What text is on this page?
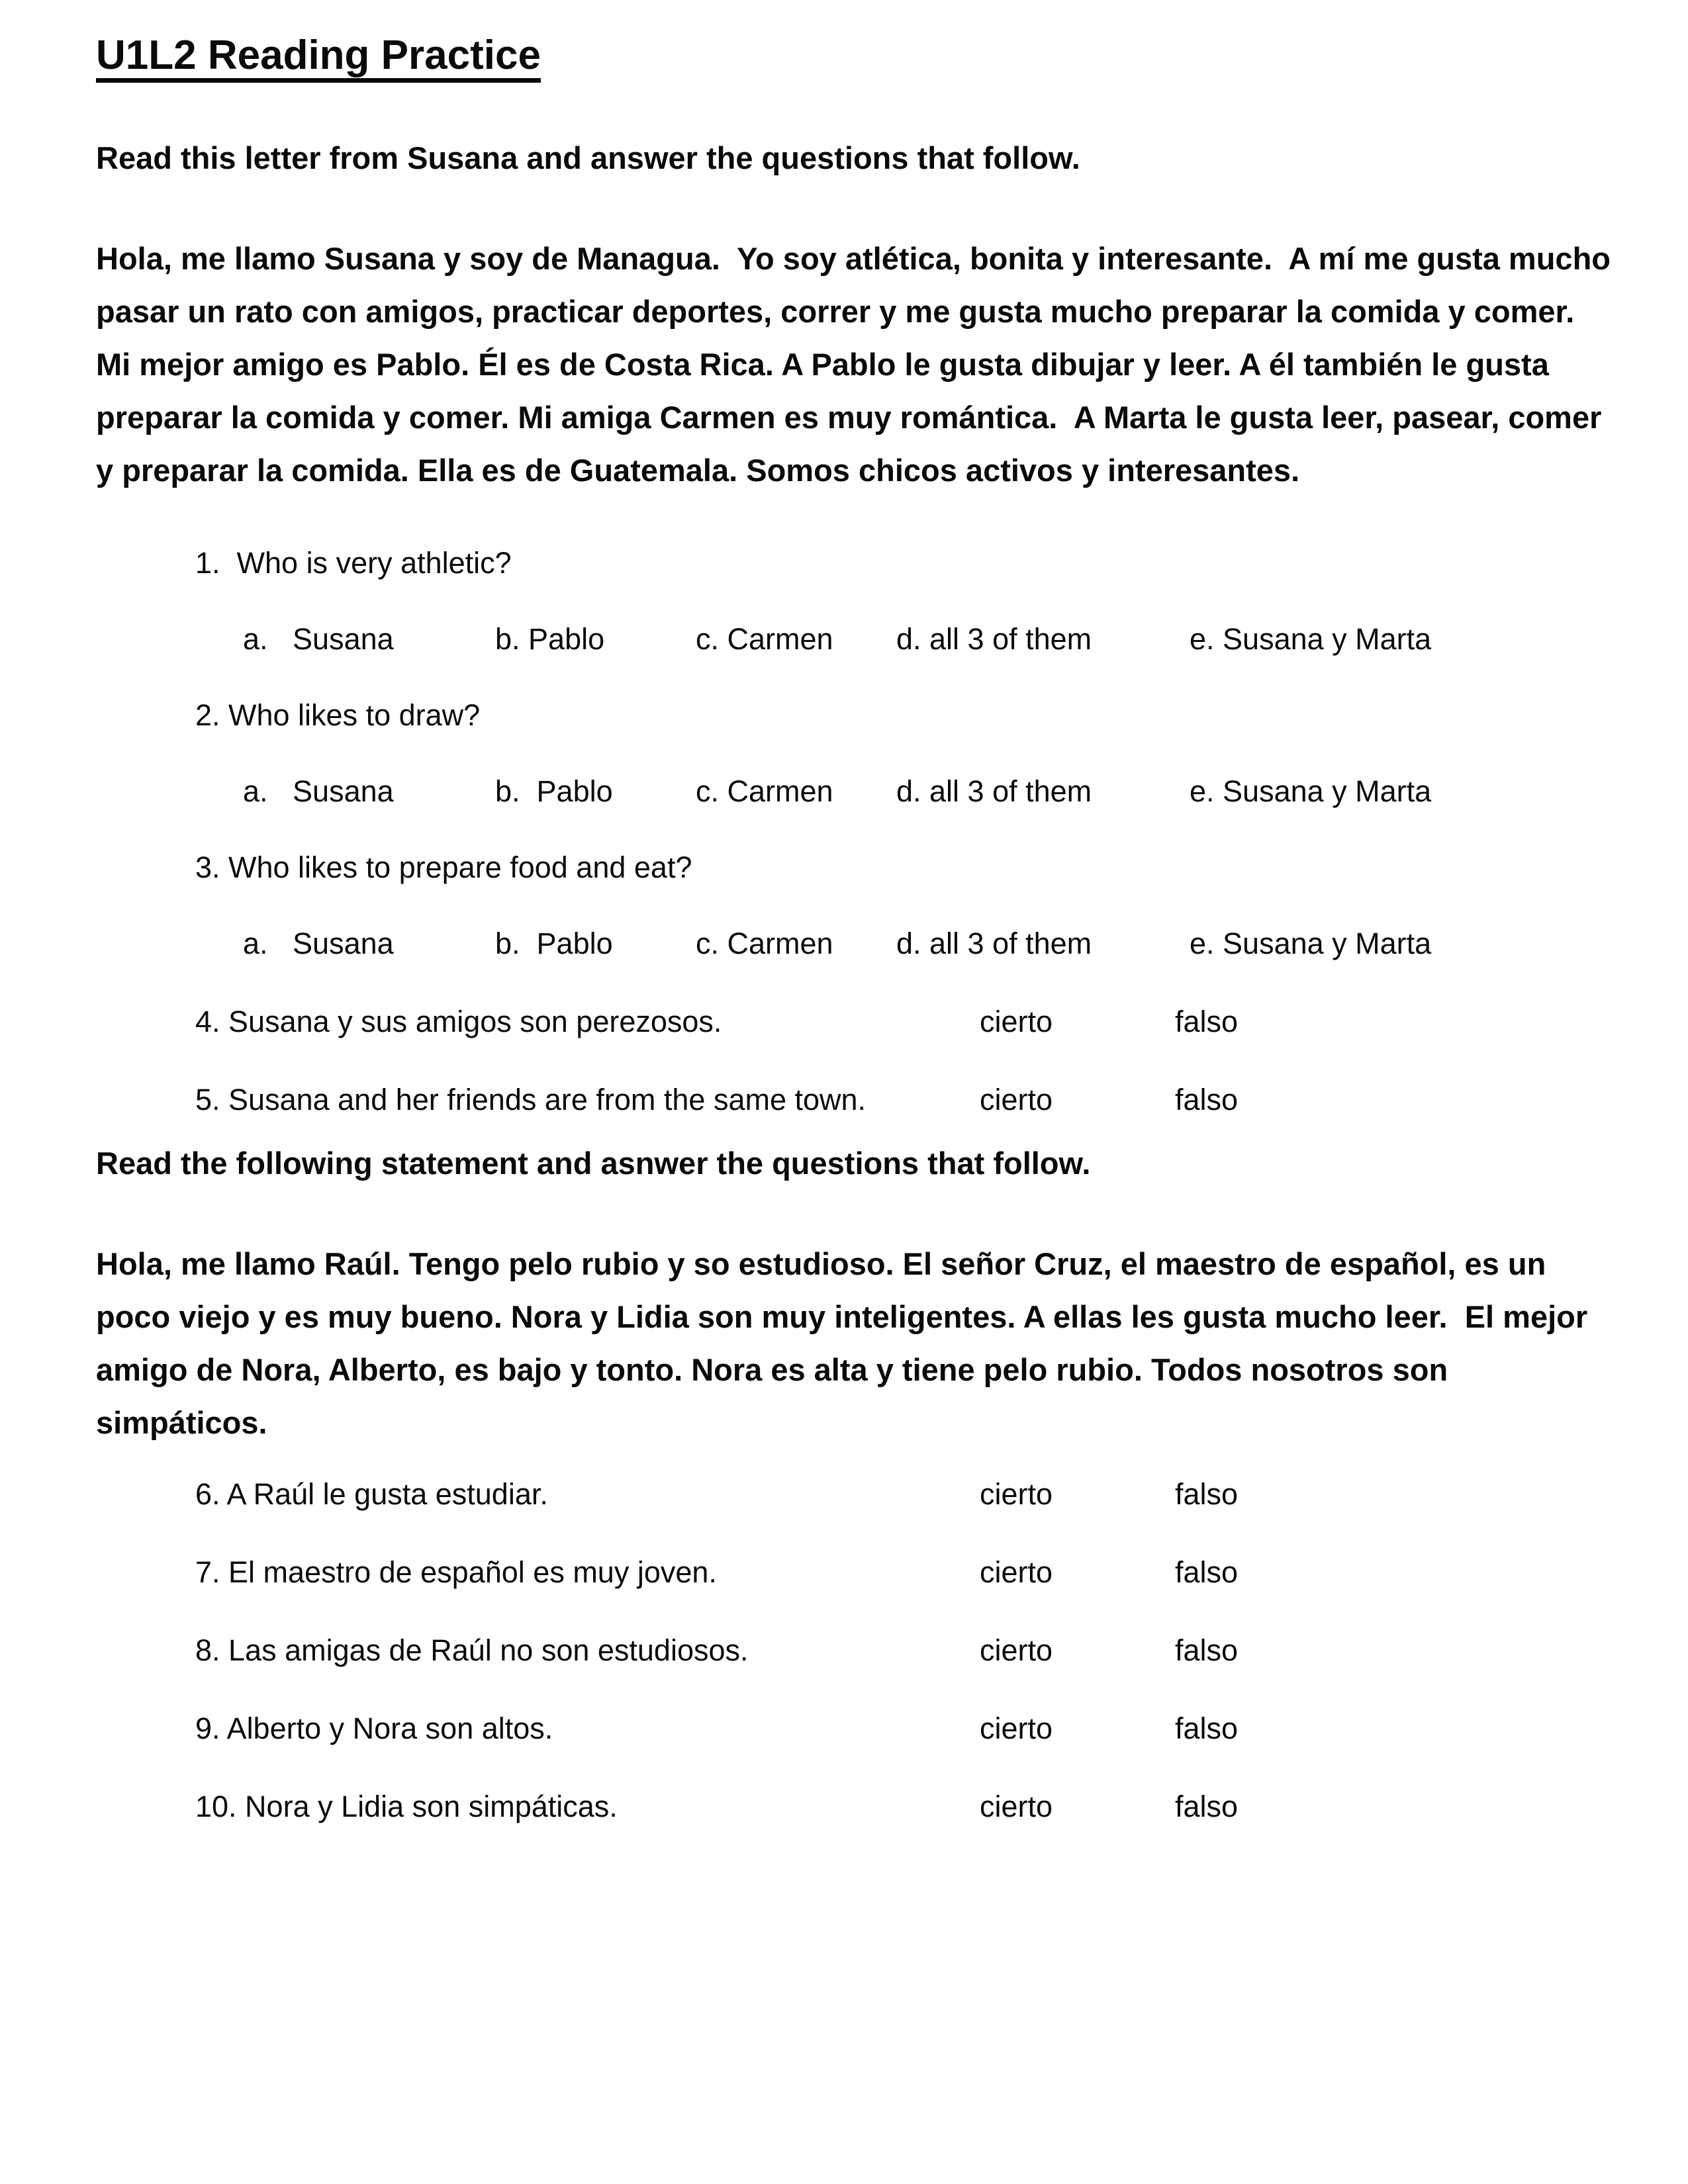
U1L2 Reading Practice

Read this letter from Susana and answer the questions that follow.

Hola, me llamo Susana y soy de Managua.  Yo soy atlética, bonita y interesante.  A mí me gusta mucho pasar un rato con amigos, practicar deportes, correr y me gusta mucho preparar la comida y comer.  Mi mejor amigo es Pablo. Él es de Costa Rica. A Pablo le gusta dibujar y leer. A él también le gusta preparar la comida y comer. Mi amiga Carmen es muy romántica.  A Marta le gusta leer, pasear, comer y preparar la comida. Ella es de Guatemala. Somos chicos activos y interesantes.

1.  Who is very athletic?
a.   Susana	b. Pablo	c. Carmen d. all 3 of them	e. Susana y Marta
2. Who likes to draw?
a.   Susana	b.  Pablo	c. Carmen d. all 3 of them	e. Susana y Marta
3. Who likes to prepare food and eat?
a.   Susana	b.  Pablo	c. Carmen d. all 3 of them	e. Susana y Marta
4. Susana y sus amigos son perezosos.	cierto	falso
5. Susana and her friends are from the same town.	cierto	falso

Read the following statement and asnwer the questions that follow.

Hola, me llamo Raúl. Tengo pelo rubio y so estudioso. El señor Cruz, el maestro de español, es un poco viejo y es muy bueno. Nora y Lidia son muy inteligentes. A ellas les gusta mucho leer.  El mejor amigo de Nora, Alberto, es bajo y tonto. Nora es alta y tiene pelo rubio. Todos nosotros son simpáticos.

6. A Raúl le gusta estudiar.	cierto	falso
7. El maestro de español es muy joven.	cierto	falso
8. Las amigas de Raúl no son estudiosos.	cierto	falso
9. Alberto y Nora son altos.	cierto	falso
10. Nora y Lidia son simpáticas.	cierto	falso
